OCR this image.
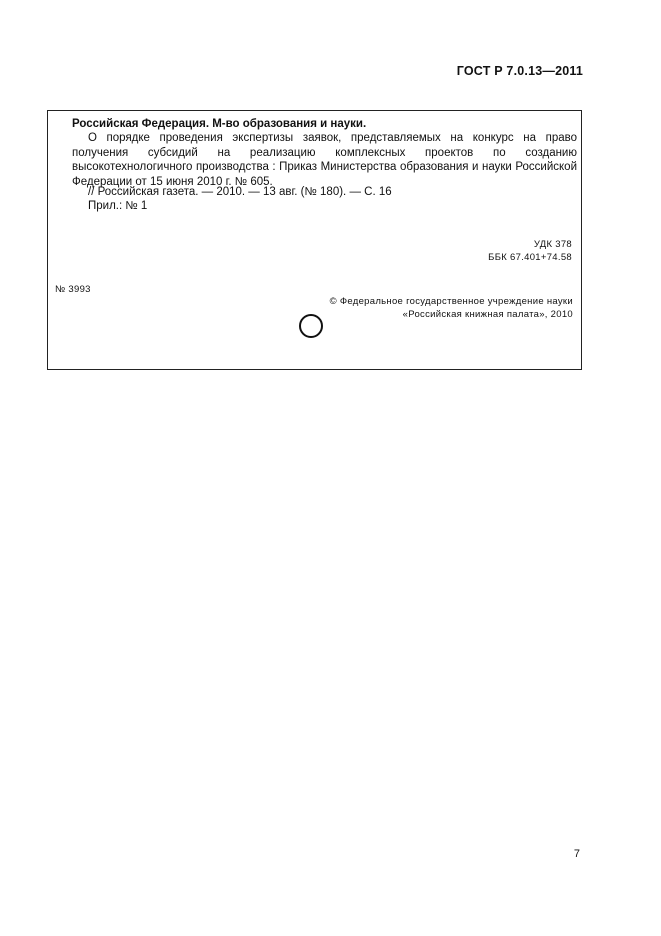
ГОСТ Р 7.0.13—2011
Российская Федерация. М-во образования и науки.

О порядке проведения экспертизы заявок, представляемых на конкурс на право получения субсидий на реализацию комплексных проектов по созданию высокотехнологичного производства : Приказ Министерства образования и науки Российской Федерации от 15 июня 2010 г. № 605.

// Российская газета. — 2010. — 13 авг. (№ 180). — С. 16
Прил.: № 1
УДК 378
ББК 67.401+74.58
№ 3993
© Федеральное государственное учреждение науки
«Российская книжная палата», 2010
7
